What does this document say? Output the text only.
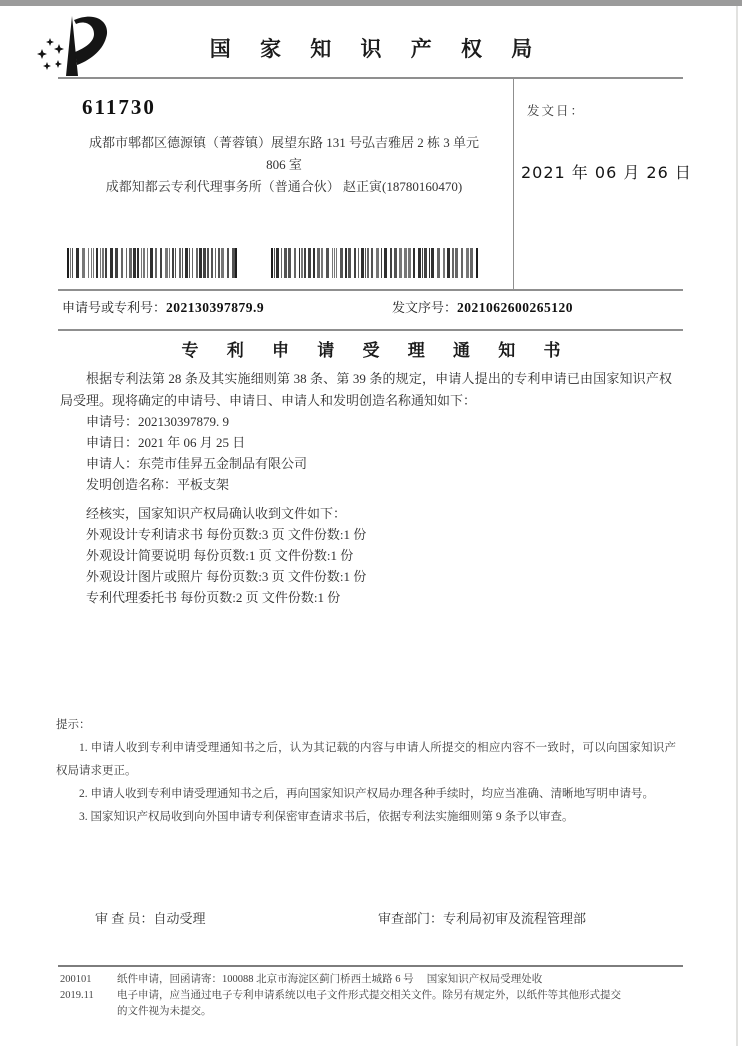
国 家 知 识 产 权 局
611730
成都市郫都区德源镇（菁蓉镇）展望东路 131 号弘吉雅居 2 栋 3 单元
806 室
成都知都云专利代理事务所（普通合伙） 赵正寅(18780160470)
发文日：
2021 年 06 月 26 日
申请号或专利号：202130397879.9	发文序号：2021062600265120
专 利 申 请 受 理 通 知 书
根据专利法第 28 条及其实施细则第 38 条、第 39 条的规定，申请人提出的专利申请已由国家知识产权局受理。现将确定的申请号、申请日、申请人和发明创造名称通知如下：
申请号：202130397879. 9
申请日：2021 年 06 月 25 日
申请人：东莞市佳昇五金制品有限公司
发明创造名称：平板支架
经核实，国家知识产权局确认收到文件如下：
外观设计专利请求书 每份页数:3 页 文件份数:1 份
外观设计简要说明 每份页数:1 页 文件份数:1 份
外观设计图片或照片 每份页数:3 页 文件份数:1 份
专利代理委托书 每份页数:2 页 文件份数:1 份
提示：

1. 申请人收到专利申请受理通知书之后，认为其记载的内容与申请人所提交的相应内容不一致时，可以向国家知识产权局请求更正。

2. 申请人收到专利申请受理通知书之后，再向国家知识产权局办理各种手续时，均应当准确、清晰地写明申请号。

3. 国家知识产权局收到向外国申请专利保密审查请求书后，依据专利法实施细则第 9 条予以审查。

审 查 员：自动受理	审查部门：专利局初审及流程管理部
200101
2019.11

纸件申请，回函请寄：100088 北京市海淀区蓟门桥西土城路 6 号　 国家知识产权局受理处收

电子申请，应当通过电子专利申请系统以电子文件形式提交相关文件。除另有规定外，以纸件等其他形式提交的文件视为未提交。
